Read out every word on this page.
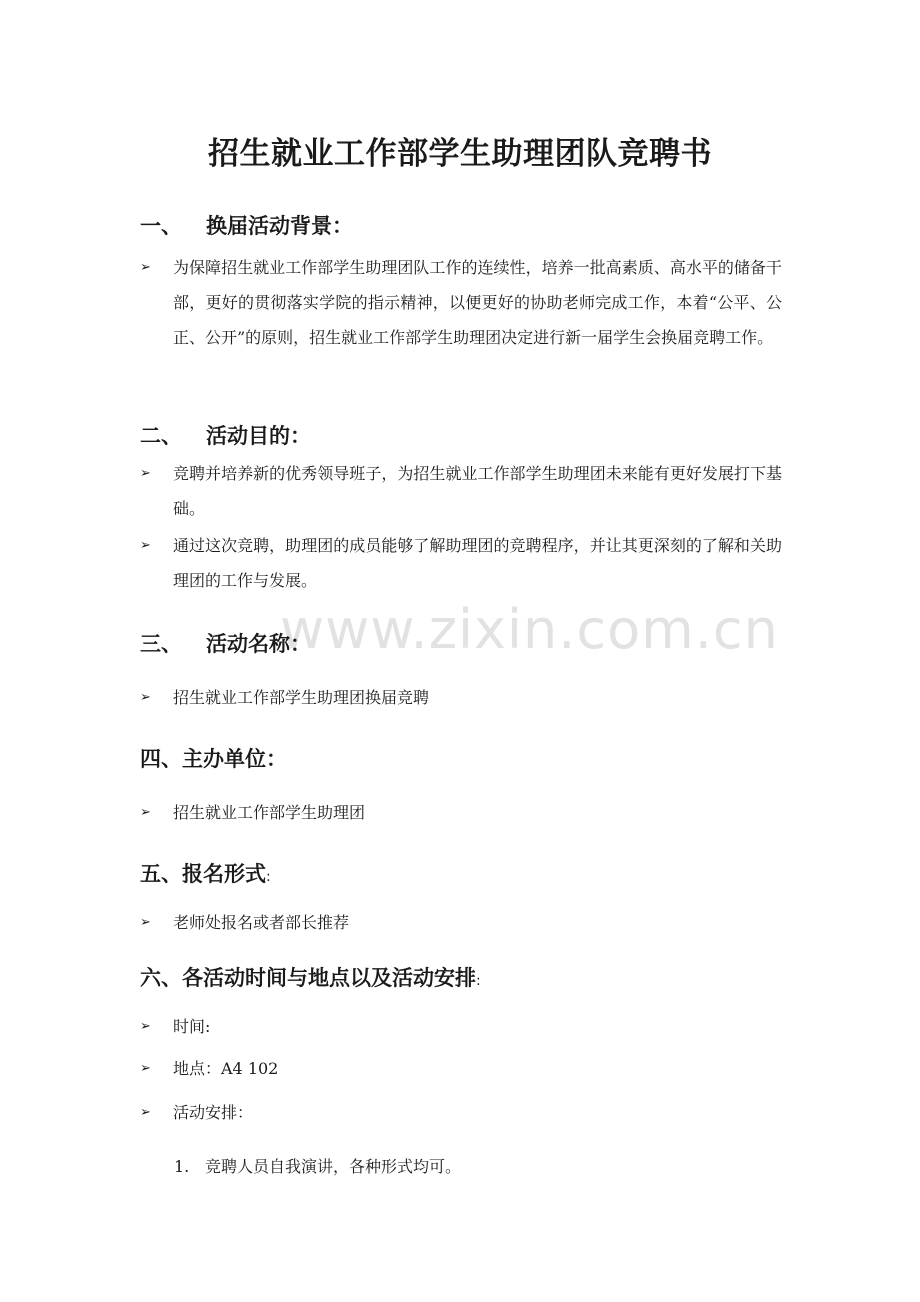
招生就业工作部学生助理团队竞聘书
一、 换届活动背景：
➢ 为保障招生就业工作部学生助理团队工作的连续性，培养一批高素质、高水平的储备干部，更好的贯彻落实学院的指示精神，以便更好的协助老师完成工作，本着“公平、公正、公开”的原则，招生就业工作部学生助理团决定进行新一届学生会换届竞聘工作。
二、 活动目的：
➢ 竞聘并培养新的优秀领导班子，为招生就业工作部学生助理团未来能有更好发展打下基础。
➢ 通过这次竞聘，助理团的成员能够了解助理团的竞聘程序，并让其更深刻的了解和关助理团的工作与发展。
www.zixin.com.cn
三、 活动名称：
➢ 招生就业工作部学生助理团换届竞聘
四、主办单位：
➢ 招生就业工作部学生助理团
五、报名形式:
➢ 老师处报名或者部长推荐
六、各活动时间与地点以及活动安排:
➢ 时间:
➢ 地点：A4 102
➢ 活动安排：
1. 竞聘人员自我演讲，各种形式均可。
